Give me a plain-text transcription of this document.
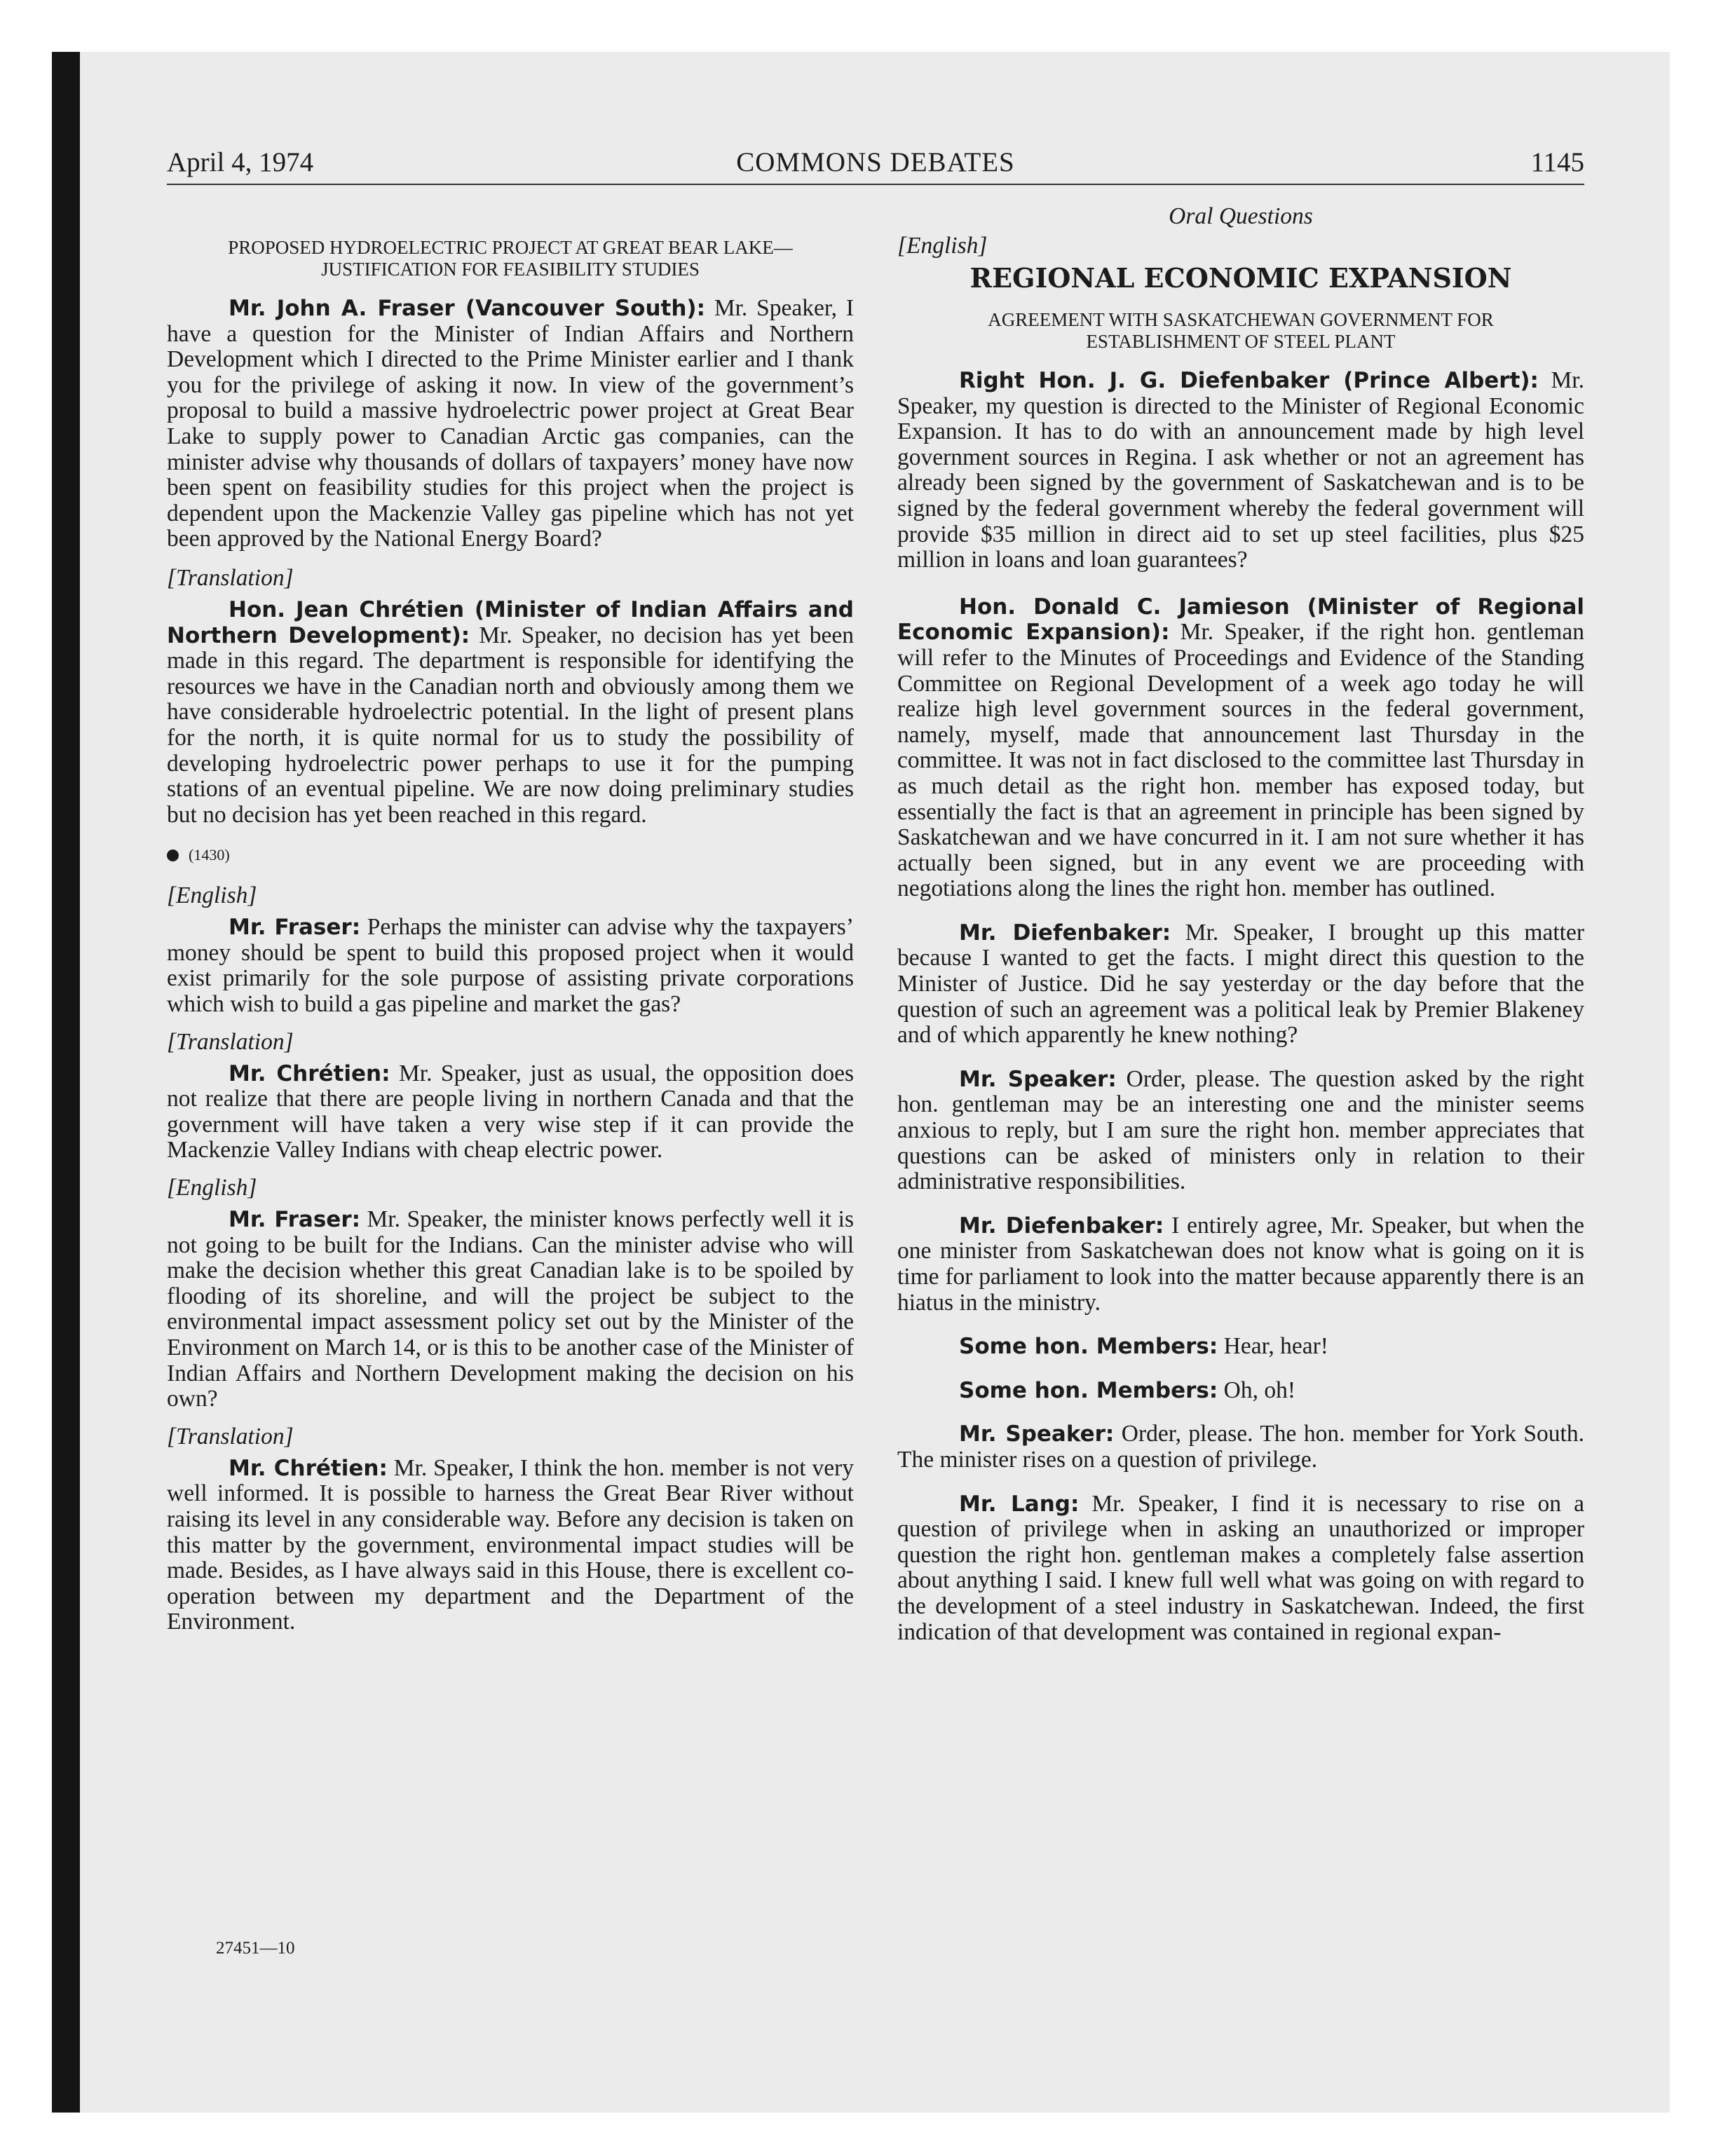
April 4, 1974	COMMONS DEBATES	1145

PROPOSED HYDROELECTRIC PROJECT AT GREAT BEAR LAKE—JUSTIFICATION FOR FEASIBILITY STUDIES

Mr. John A. Fraser (Vancouver South): Mr. Speaker, I have a question for the Minister of Indian Affairs and Northern Development which I directed to the Prime Minister earlier and I thank you for the privilege of asking it now. In view of the government’s proposal to build a massive hydroelectric power project at Great Bear Lake to supply power to Canadian Arctic gas companies, can the minister advise why thousands of dollars of taxpayers’ money have now been spent on feasibility studies for this project when the project is dependent upon the Mackenzie Valley gas pipeline which has not yet been approved by the National Energy Board?

[Translation]

Hon. Jean Chrétien (Minister of Indian Affairs and Northern Development): Mr. Speaker, no decision has yet been made in this regard. The department is responsible for identifying the resources we have in the Canadian north and obviously among them we have considerable hydroelectric potential. In the light of present plans for the north, it is quite normal for us to study the possibility of developing hydroelectric power perhaps to use it for the pumping stations of an eventual pipeline. We are now doing preliminary studies but no decision has yet been reached in this regard.

(1430)

[English]

Mr. Fraser: Perhaps the minister can advise why the taxpayers’ money should be spent to build this proposed project when it would exist primarily for the sole purpose of assisting private corporations which wish to build a gas pipeline and market the gas?

[Translation]

Mr. Chrétien: Mr. Speaker, just as usual, the opposition does not realize that there are people living in northern Canada and that the government will have taken a very wise step if it can provide the Mackenzie Valley Indians with cheap electric power.

[English]

Mr. Fraser: Mr. Speaker, the minister knows perfectly well it is not going to be built for the Indians. Can the minister advise who will make the decision whether this great Canadian lake is to be spoiled by flooding of its shoreline, and will the project be subject to the environmental impact assessment policy set out by the Minister of the Environment on March 14, or is this to be another case of the Minister of Indian Affairs and Northern Development making the decision on his own?

[Translation]

Mr. Chrétien: Mr. Speaker, I think the hon. member is not very well informed. It is possible to harness the Great Bear River without raising its level in any considerable way. Before any decision is taken on this matter by the government, environmental impact studies will be made. Besides, as I have always said in this House, there is excellent co-operation between my department and the Department of the Environment.

Oral Questions

[English]

REGIONAL ECONOMIC EXPANSION

AGREEMENT WITH SASKATCHEWAN GOVERNMENT FOR ESTABLISHMENT OF STEEL PLANT

Right Hon. J. G. Diefenbaker (Prince Albert): Mr. Speaker, my question is directed to the Minister of Regional Economic Expansion. It has to do with an announcement made by high level government sources in Regina. I ask whether or not an agreement has already been signed by the government of Saskatchewan and is to be signed by the federal government whereby the federal government will provide $35 million in direct aid to set up steel facilities, plus $25 million in loans and loan guarantees?

Hon. Donald C. Jamieson (Minister of Regional Economic Expansion): Mr. Speaker, if the right hon. gentleman will refer to the Minutes of Proceedings and Evidence of the Standing Committee on Regional Development of a week ago today he will realize high level government sources in the federal government, namely, myself, made that announcement last Thursday in the committee. It was not in fact disclosed to the committee last Thursday in as much detail as the right hon. member has exposed today, but essentially the fact is that an agreement in principle has been signed by Saskatchewan and we have concurred in it. I am not sure whether it has actually been signed, but in any event we are proceeding with negotiations along the lines the right hon. member has outlined.

Mr. Diefenbaker: Mr. Speaker, I brought up this matter because I wanted to get the facts. I might direct this question to the Minister of Justice. Did he say yesterday or the day before that the question of such an agreement was a political leak by Premier Blakeney and of which apparently he knew nothing?

Mr. Speaker: Order, please. The question asked by the right hon. gentleman may be an interesting one and the minister seems anxious to reply, but I am sure the right hon. member appreciates that questions can be asked of ministers only in relation to their administrative responsibilities.

Mr. Diefenbaker: I entirely agree, Mr. Speaker, but when the one minister from Saskatchewan does not know what is going on it is time for parliament to look into the matter because apparently there is an hiatus in the ministry.

Some hon. Members: Hear, hear!

Some hon. Members: Oh, oh!

Mr. Speaker: Order, please. The hon. member for York South. The minister rises on a question of privilege.

Mr. Lang: Mr. Speaker, I find it is necessary to rise on a question of privilege when in asking an unauthorized or improper question the right hon. gentleman makes a completely false assertion about anything I said. I knew full well what was going on with regard to the development of a steel industry in Saskatchewan. Indeed, the first indication of that development was contained in regional expan-

27451—10
